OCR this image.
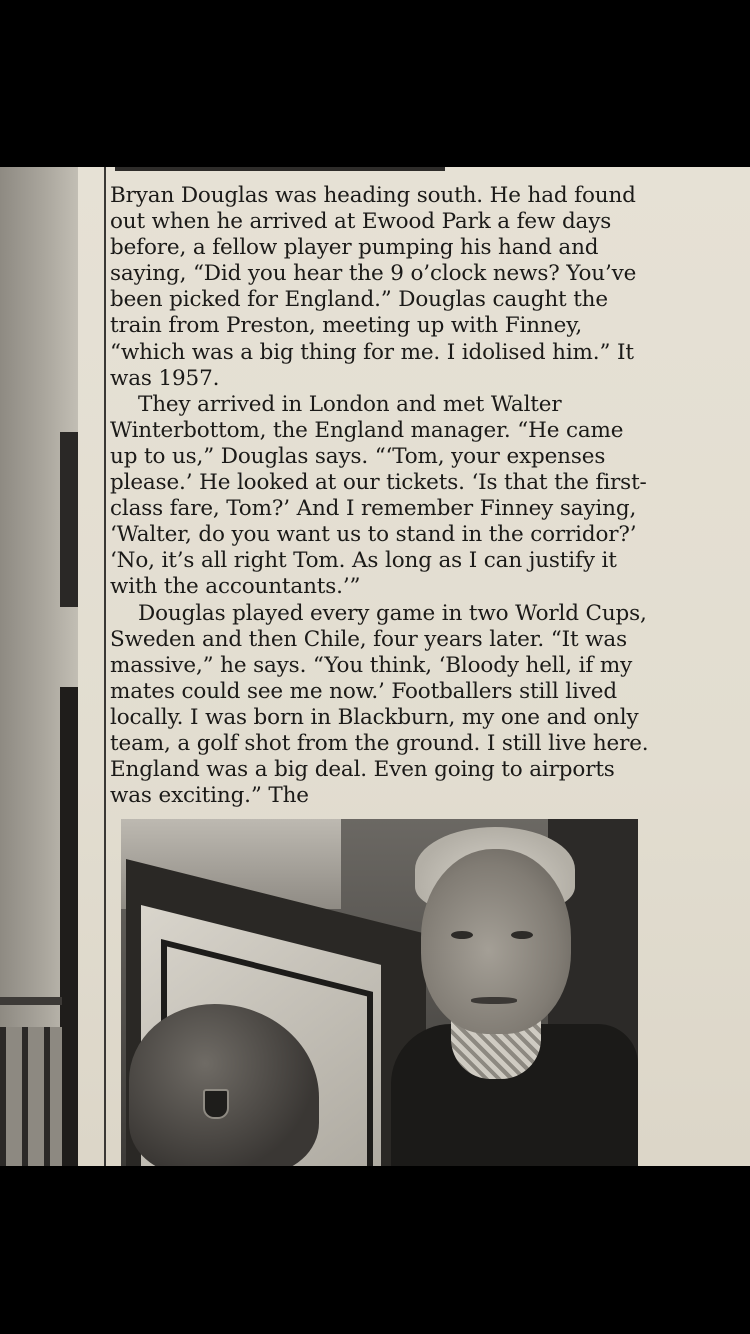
Bryan Douglas was heading south. He had found out when he arrived at Ewood Park a few days before, a fellow player pumping his hand and saying, “Did you hear the 9 o’clock news? You’ve been picked for England.” Douglas caught the train from Preston, meeting up with Finney, “which was a big thing for me. I idolised him.” It was 1957.

They arrived in London and met Walter Winterbottom, the England manager. “He came up to us,” Douglas says. “‘Tom, your expenses please.’ He looked at our tickets. ‘Is that the first-class fare, Tom?’ And I remember Finney saying, ‘Walter, do you want us to stand in the corridor?’ ‘No, it’s all right Tom. As long as I can justify it with the accountants.’”

Douglas played every game in two World Cups, Sweden and then Chile, four years later. “It was massive,” he says. “You think, ‘Bloody hell, if my mates could see me now.’ Footballers still lived locally. I was born in Blackburn, my one and only team, a golf shot from the ground. I still live here. England was a big deal. Even going to airports was exciting.” The
